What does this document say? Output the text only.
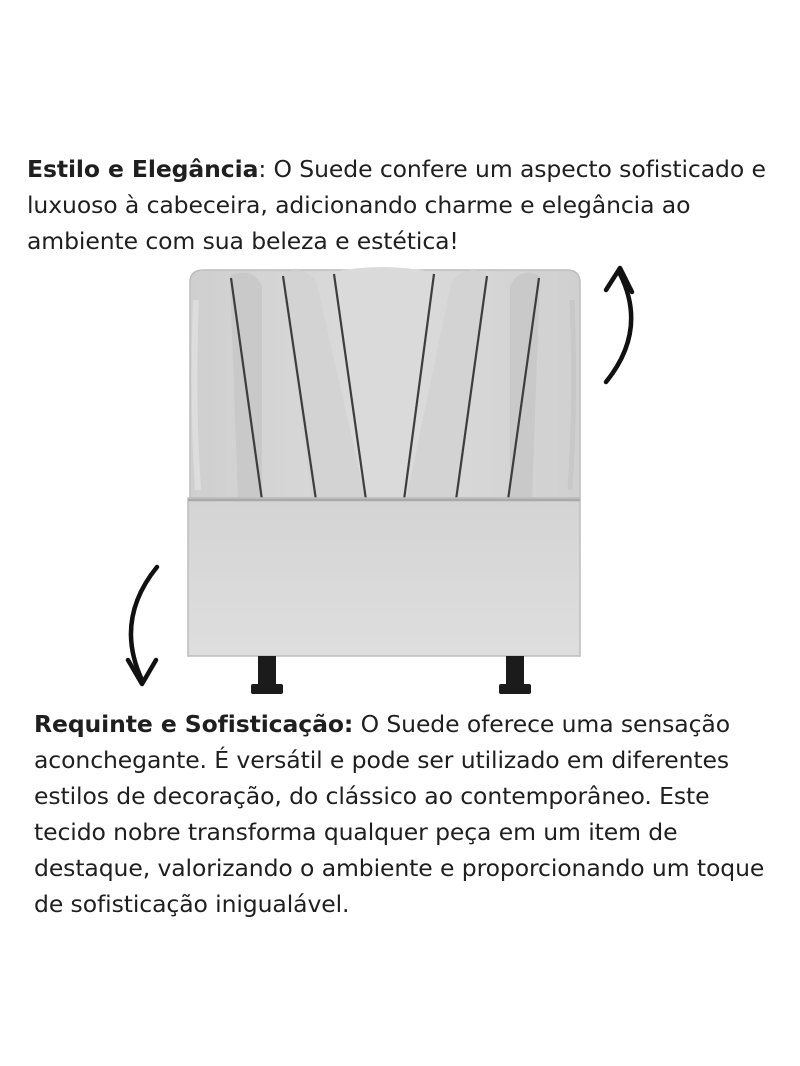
Estilo e Elegância: O Suede confere um aspecto sofisticado e luxuoso à cabeceira, adicionando charme e elegância ao ambiente com sua beleza e estética!

Requinte e Sofisticação: O Suede oferece uma sensação aconchegante. É versátil e pode ser utilizado em diferentes estilos de decoração, do clássico ao contemporâneo. Este tecido nobre transforma qualquer peça em um item de destaque, valorizando o ambiente e proporcionando um toque de sofisticação inigualável.
